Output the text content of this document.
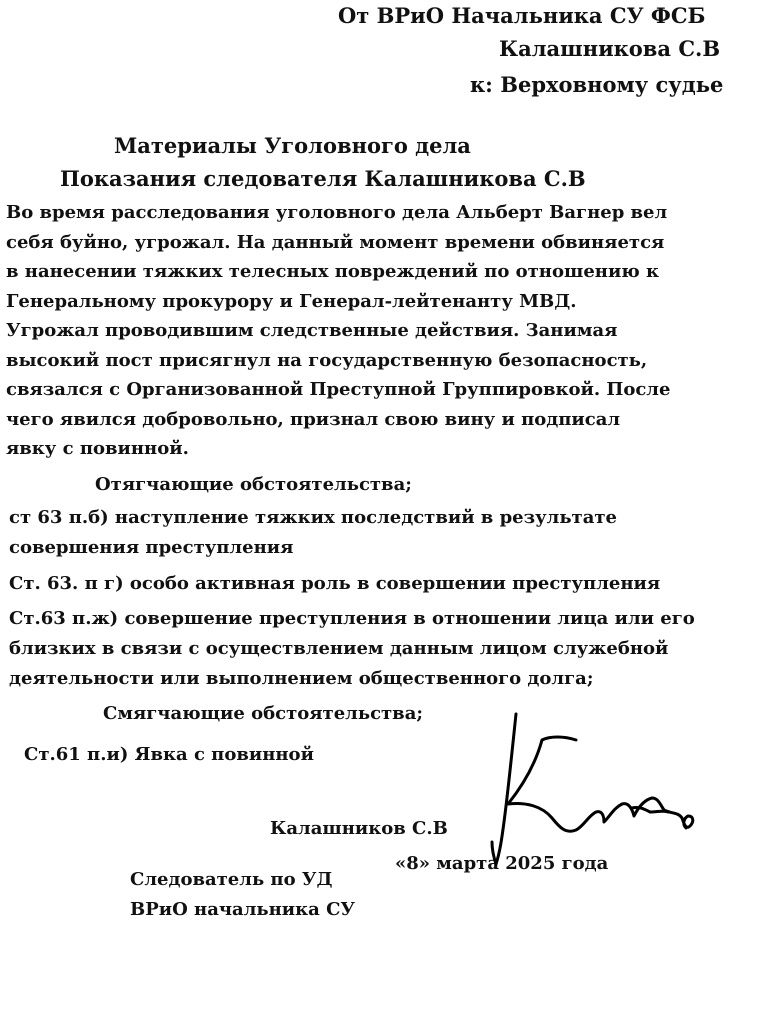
От ВРиО Начальника СУ ФСБ

Калашникова С.В

к: Верховному судье

Материалы Уголовного дела

Показания следователя Калашникова С.В

Во время расследования уголовного дела Альберт Вагнер вел

себя буйно, угрожал. На данный момент времени обвиняется

в нанесении тяжких телесных повреждений по отношению к

Генеральному прокурору и Генерал-лейтенанту МВД.

Угрожал проводившим следственные действия. Занимая

высокий пост присягнул на государственную безопасность,

связался с Организованной Преступной Группировкой. После

чего явился добровольно, признал свою вину и подписал

явку с повинной.

Отягчающие обстоятельства;

ст 63 п.б) наступление тяжких последствий в результате

совершения преступления

Ст. 63. п г) особо активная роль в совершении преступления

Ст.63 п.ж) совершение преступления в отношении лица или его

близких в связи с осуществлением данным лицом служебной

деятельности или выполнением общественного долга;

Смягчающие обстоятельства;

Ст.61 п.и) Явка с повинной

Калашников С.В

«8» марта 2025 года

Следователь по УД

ВРиО начальника СУ
